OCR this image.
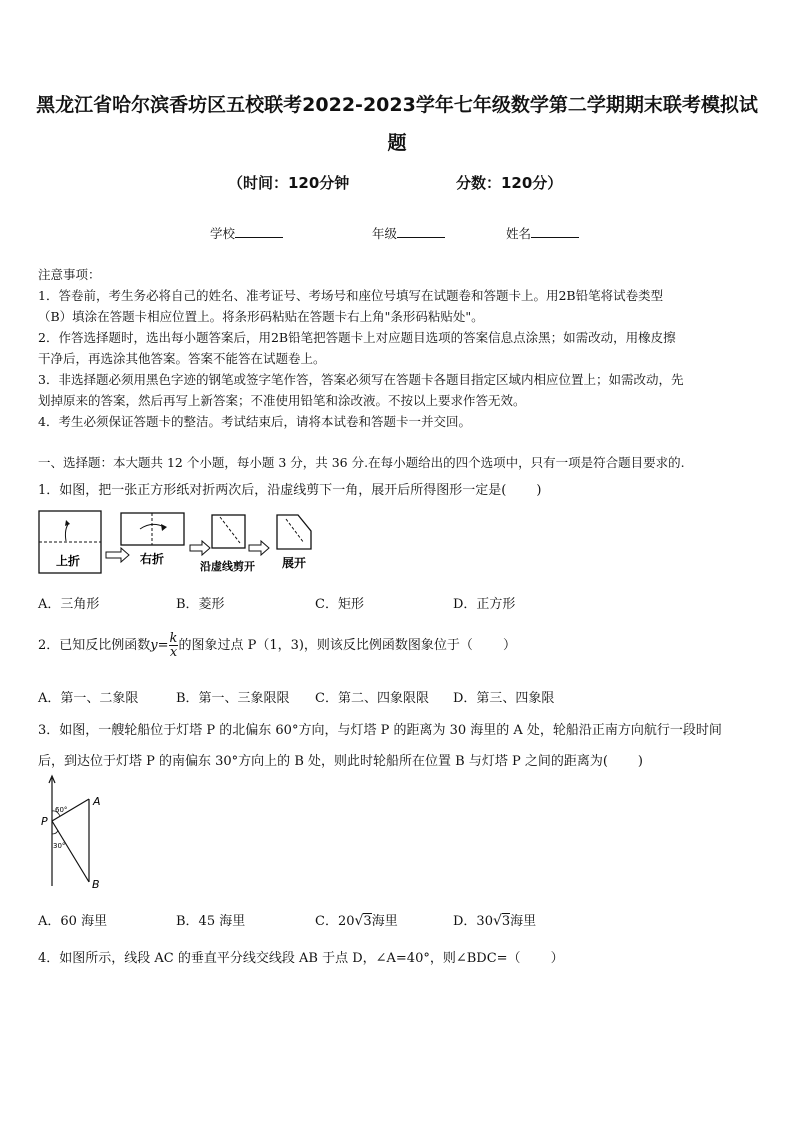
黑龙江省哈尔滨香坊区五校联考2022-2023学年七年级数学第二学期期末联考模拟试
题
（时间：120分钟	分数：120分）
学校	年级	姓名
注意事项：
1．答卷前，考生务必将自己的姓名、准考证号、考场号和座位号填写在试题卷和答题卡上。用2B铅笔将试卷类型
（B）填涂在答题卡相应位置上。将条形码粘贴在答题卡右上角"条形码粘贴处"。
2．作答选择题时，选出每小题答案后，用2B铅笔把答题卡上对应题目选项的答案信息点涂黑；如需改动，用橡皮擦
干净后，再选涂其他答案。答案不能答在试题卷上。
3．非选择题必须用黑色字迹的钢笔或签字笔作答，答案必须写在答题卡各题目指定区域内相应位置上；如需改动，先
划掉原来的答案，然后再写上新答案；不准使用铅笔和涂改液。不按以上要求作答无效。
4．考生必须保证答题卡的整洁。考试结束后，请将本试卷和答题卡一并交回。
一、选择题：本大题共 12 个小题，每小题 3 分，共 36 分.在每小题给出的四个选项中，只有一项是符合题目要求的.
1．如图，把一张正方形纸对折两次后，沿虚线剪下一角，展开后所得图形一定是( )
上折	右折
沿虚线剪开 展开
A．三角形	B．菱形	C．矩形	D．正方形
2．已知反比例函数$y= \frac{k}{x}$ 的图象过点 P（1，3)，则该反比例函数图象位于（ ）
A．第一、二象限	B．第一、三象限限 C．第二、四象限限 D．第三、四象限
3．如图，一艘轮船位于灯塔 P 的北偏东 60°方向，与灯塔 P 的距离为 30 海里的 A 处，轮船沿正南方向航行一段时间
后，到达位于灯塔 P 的南偏东 30°方向上的 B 处，则此时轮船所在位置 B 与灯塔 P 之间的距离为( )
60°
30°
P
A
B
A．60 海里	B．45 海里	C．20√3海里	D．30√3海里
4．如图所示，线段 AC 的垂直平分线交线段 AB 于点 D，∠A=40°，则∠BDC=（ ）
